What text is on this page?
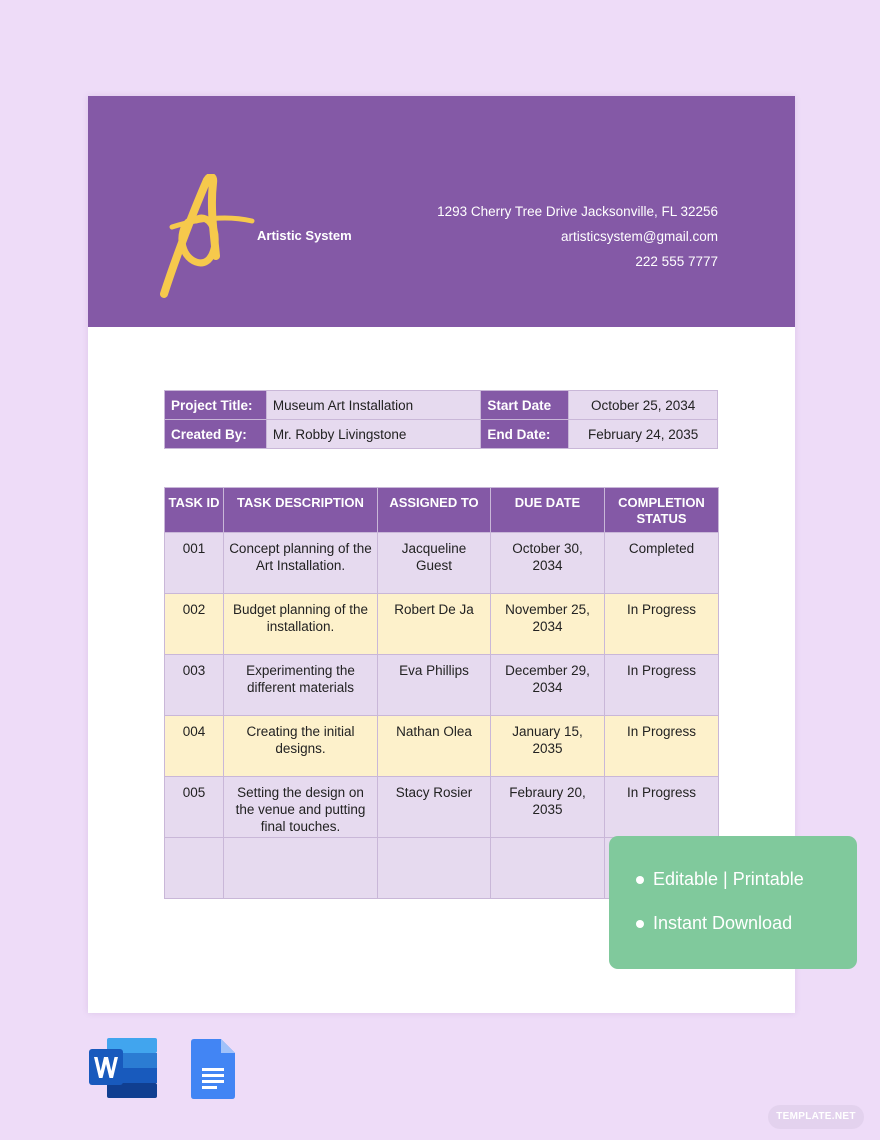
Artistic System
1293 Cherry Tree Drive Jacksonville, FL 32256
artisticsystem@gmail.com
222 555 7777
Project Title:	Museum Art Installation	Start Date	October 25, 2034
Created By:	Mr. Robby Livingstone	End Date:	February 24, 2035
TASK ID	TASK DESCRIPTION	ASSIGNED TO	DUE DATE	COMPLETION STATUS
001	Concept planning of the Art Installation.	Jacqueline Guest	October 30, 2034	Completed
002	Budget planning of the installation.	Robert De Ja	November 25, 2034	In Progress
003	Experimenting the different materials	Eva Phillips	December 29, 2034	In Progress
004	Creating the initial designs.	Nathan Olea	January 15, 2035	In Progress
005	Setting the design on the venue and putting final touches.	Stacy Rosier	Febraury 20, 2035	In Progress

Editable | Printable
Instant Download
TEMPLATE.NET
